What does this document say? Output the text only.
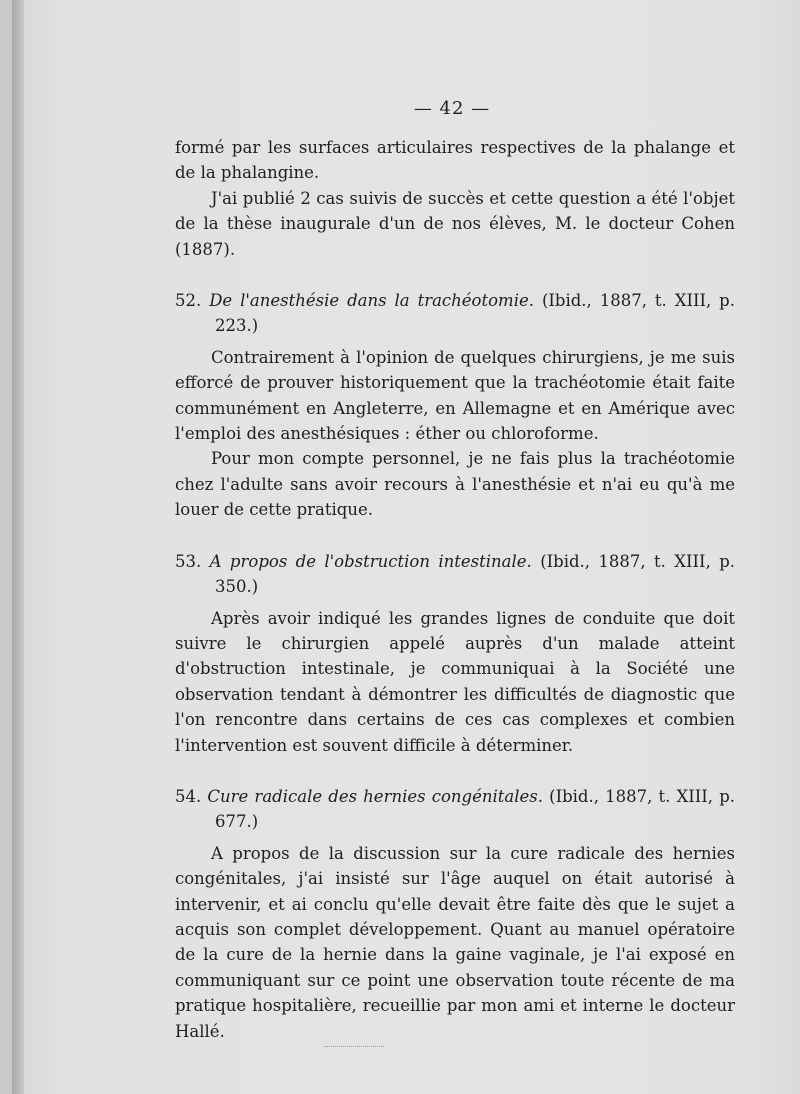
— 42 —

formé par les surfaces articulaires respectives de la phalange et de la phalangine.

J'ai publié 2 cas suivis de succès et cette question a été l'objet de la thèse inaugurale d'un de nos élèves, M. le docteur Cohen (1887).

52. De l'anesthésie dans la trachéotomie. (Ibid., 1887, t. XIII, p. 223.)

Contrairement à l'opinion de quelques chirurgiens, je me suis efforcé de prouver historiquement que la trachéotomie était faite communément en Angleterre, en Allemagne et en Amérique avec l'emploi des anesthésiques : éther ou chloroforme.

Pour mon compte personnel, je ne fais plus la trachéotomie chez l'adulte sans avoir recours à l'anesthésie et n'ai eu qu'à me louer de cette pratique.

53. A propos de l'obstruction intestinale. (Ibid., 1887, t. XIII, p. 350.)

Après avoir indiqué les grandes lignes de conduite que doit suivre le chirurgien appelé auprès d'un malade atteint d'obstruction intestinale, je communiquai à la Société une observation tendant à démontrer les difficultés de diagnostic que l'on rencontre dans certains de ces cas complexes et combien l'intervention est souvent difficile à déterminer.

54. Cure radicale des hernies congénitales. (Ibid., 1887, t. XIII, p. 677.)

A propos de la discussion sur la cure radicale des hernies congénitales, j'ai insisté sur l'âge auquel on était autorisé à intervenir, et ai conclu qu'elle devait être faite dès que le sujet a acquis son complet développement. Quant au manuel opératoire de la cure de la hernie dans la gaine vaginale, je l'ai exposé en communiquant sur ce point une observation toute récente de ma pratique hospitalière, recueillie par mon ami et interne le docteur Hallé.
